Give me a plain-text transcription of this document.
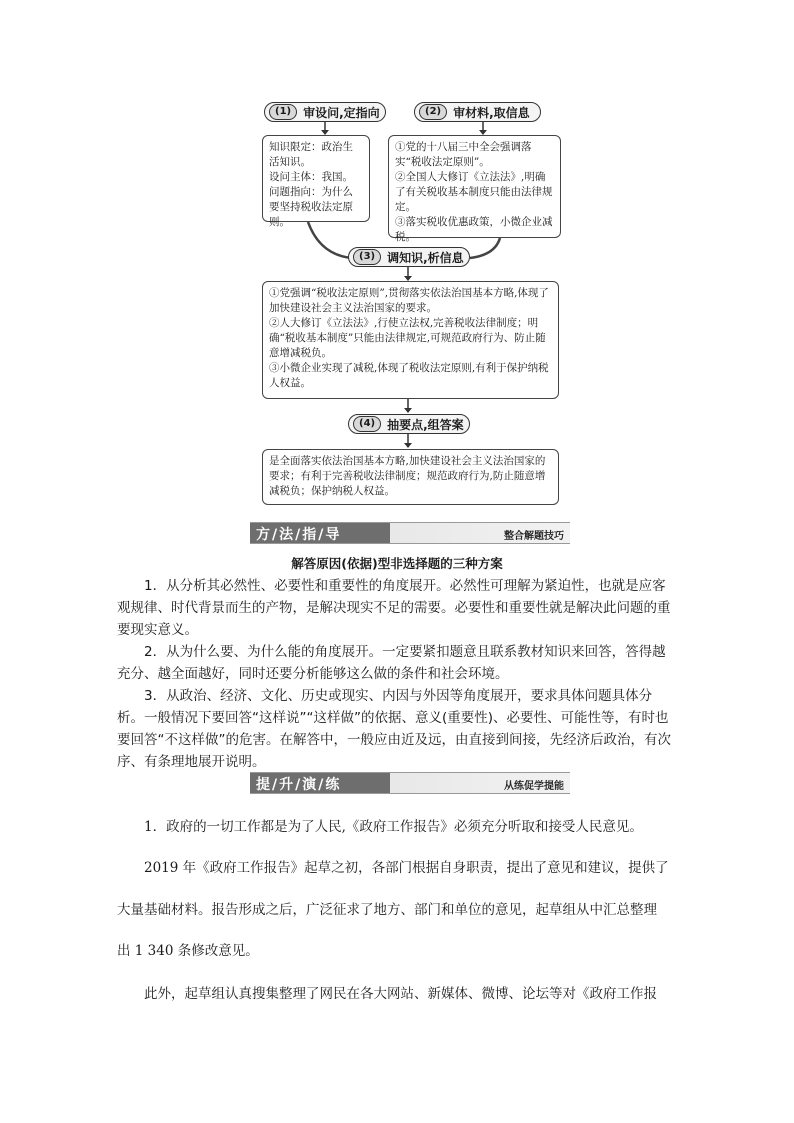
(1)	审设问,定指向	(2)	审材料,取信息
(3)	调知识,析信息
(4)	抽要点,组答案

知识限定：政治生活知识。

设问主体：我国。

问题指向：为什么要坚持税收法定原则。

①党的十八届三中全会强调落实“税收法定原则”。

②全国人大修订《立法法》,明确了有关税收基本制度只能由法律规定。

③落实税收优惠政策，小微企业减税。

①党强调“税收法定原则”,贯彻落实依法治国基本方略,体现了加快建设社会主义法治国家的要求。

②人大修订《立法法》,行使立法权,完善税收法律制度；明确“税收基本制度”只能由法律规定,可规范政府行为、防止随意增减税负。

③小微企业实现了减税,体现了税收法定原则,有利于保护纳税人权益。

是全面落实依法治国基本方略,加快建设社会主义法治国家的要求；有利于完善税收法律制度；规范政府行为,防止随意增减税负；保护纳税人权益。

方/法/指/导	整合解题技巧
解答原因(依据)型非选择题的三种方案

1．从分析其必然性、必要性和重要性的角度展开。必然性可理解为紧迫性，也就是应客观规律、时代背景而生的产物，是解决现实不足的需要。必要性和重要性就是解决此问题的重要现实意义。

2．从为什么要、为什么能的角度展开。一定要紧扣题意且联系教材知识来回答，答得越充分、越全面越好，同时还要分析能够这么做的条件和社会环境。

3．从政治、经济、文化、历史或现实、内因与外因等角度展开，要求具体问题具体分析。一般情况下要回答“这样说”“这样做”的依据、意义(重要性)、必要性、可能性等，有时也要回答“不这样做”的危害。在解答中，一般应由近及远，由直接到间接，先经济后政治，有次序、有条理地展开说明。

提/升/演/练	从练促学提能
1．政府的一切工作都是为了人民,《政府工作报告》必须充分听取和接受人民意见。
2019 年《政府工作报告》起草之初，各部门根据自身职责，提出了意见和建议，提供了
大量基础材料。报告形成之后，广泛征求了地方、部门和单位的意见，起草组从中汇总整理
出 1 340 条修改意见。
此外，起草组认真搜集整理了网民在各大网站、新媒体、微博、论坛等对《政府工作报
